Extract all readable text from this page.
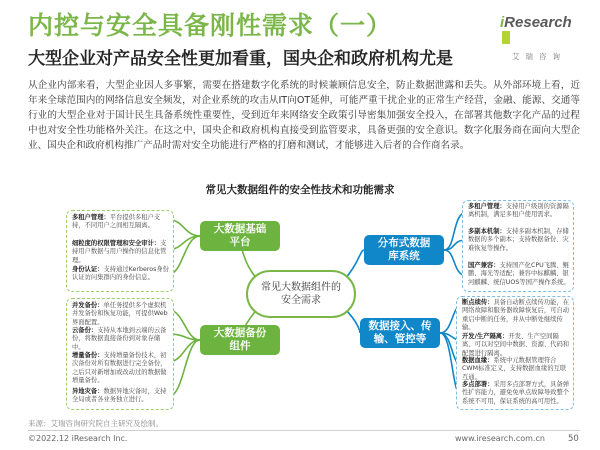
内控与安全具备刚性需求（一）	iResearch
艾瑞咨询
大型企业对产品安全性更加看重，国央企和政府机构尤是
从企业内部来看，大型企业因人多事繁，需要在搭建数字化系统的时候兼顾信息安全，防止数据泄露和丢失。从外部环境上看，近年来全球范围内的网络信息安全频发，对企业系统的攻击从IT向OT延伸，可能严重干扰企业的正常生产经营，金融、能源、交通等行业的大型企业对于国计民生具备系统性重要性，受到近年来网络安全政策引导密集加强安全投入，在部署其他数字化产品的过程中也对安全性功能格外关注。在这之中，国央企和政府机构直接受到监管要求，具备更强的安全意识。数字化服务商在面向大型企业、国央企和政府机构推广产品时需对安全功能进行严格的打磨和测试，才能够进入后者的合作商名录。
常见大数据组件的安全性技术和功能需求
常见大数据组件的安全需求
大数据基础平台
大数据备份组件
分布式数据库系统
数据接入、传输、管控等
多租户管理：平台提供多租户支持，不同用户之间相互隔离。
细粒度的权限管理和安全审计：支持用户数据与用户操作的信息化管理。
身份认证：支持通过Kerberos身份认证访问集群内的身份信息。
并发备份：单任务提供多个虚拟机并发备份和恢复功能，可提供Web界面配置。
云备份：支持从本地到云端的云备份，将数据直接备份到对象存储中。
增量备份：支持增量备份技术，初次备份对所有数据进行完全备份，之后只对新增加或改动过的数据做增量备份。
异地灾备：数据异地灾备时，支持全局或者各业务独立进行。
多租户管理：支持用户级别的资源隔离机制，满足多租户使用需求。
多副本机制：支持多副本机制，存储数据的多个副本；支持数据备份、灾难恢复等操作。
国产兼容：支持国产化CPU飞腾、鲲鹏、海光等适配；兼容中标麒麟、银河麒麟、统信UOS等国产操作系统。
断点续传：具备自动断点续传功能，在网络故障和服务器故障恢复后，可自动重启中断的任务，并从中断处继续传输。
开发/生产隔离：开发、生产空间隔离，可以对空间中数据、资源、代码和配置进行隔离。
数据血缘：系统中元数据管理符合CWM标准定义，支持数据血缘的互联互通。
多点部署：采用多点部署方式，具备弹性扩容能力，避免免单点故障导致整个系统不可用，保证系统的高可用性。
来源：艾瑞咨询研究院自主研究及绘制。
©2022.12 iResearch Inc.	www.iresearch.com.cn	50
